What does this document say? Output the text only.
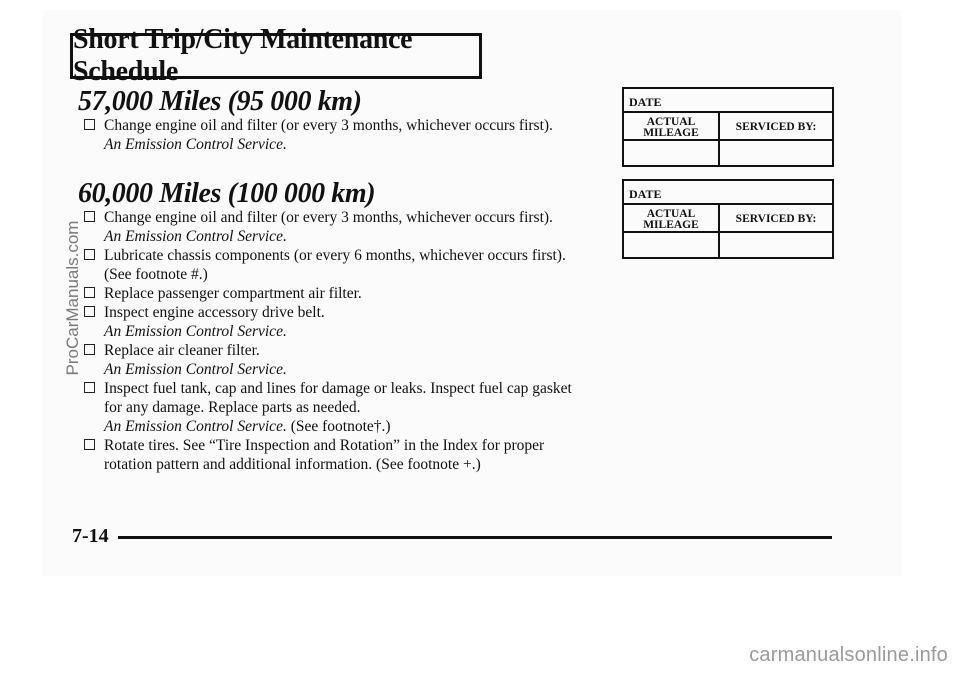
Short Trip/City Maintenance Schedule
57,000 Miles (95 000 km)
Change engine oil and filter (or every 3 months, whichever occurs first).
An Emission Control Service.
DATE
ACTUAL
MILEAGE	SERVICED BY:
60,000 Miles (100 000 km)
Change engine oil and filter (or every 3 months, whichever occurs first).
An Emission Control Service.
Lubricate chassis components (or every 6 months, whichever occurs first).
(See footnote #.)
Replace passenger compartment air filter.
Inspect engine accessory drive belt.
An Emission Control Service.
Replace air cleaner filter.
An Emission Control Service.
Inspect fuel tank, cap and lines for damage or leaks. Inspect fuel cap gasket
for any damage. Replace parts as needed.
An Emission Control Service. (See footnote†.)
Rotate tires. See “Tire Inspection and Rotation” in the Index for proper
rotation pattern and additional information. (See footnote +.)
DATE
ACTUAL
MILEAGE	SERVICED BY:
7-14
ProCarManuals.com
carmanualsonline.info
